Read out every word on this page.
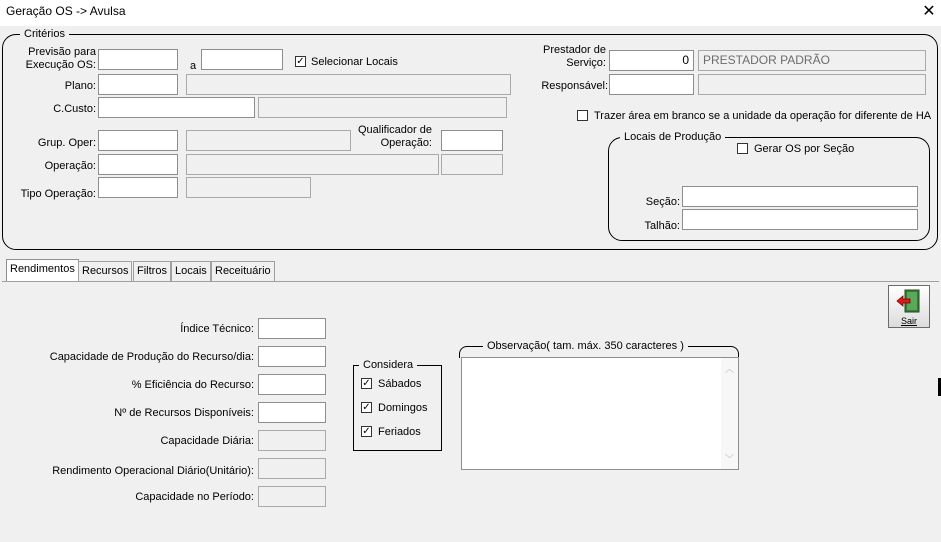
Geração OS -> Avulsa	✕
Critérios
Previsão para
Execução OS:	a	✓ Selecionar Locais
Plano:
C.Custo:
Grup. Oper:
Qualificador de
Operação:
Operação:
Tipo Operação:
Prestador de
Serviço:	0	PRESTADOR PADRÃO
Responsável:
Trazer área em branco se a unidade da operação for diferente de HA
Locais de Produção
Gerar OS por Seção
Seção:
Talhão:
Rendimentos Recursos Filtros Locais Receituário
Sair
Índice Técnico:
Capacidade de Produção do Recurso/dia:
% Eficiência do Recurso:
Nº de Recursos Disponíveis:
Capacidade Diária:
Rendimento Operacional Diário(Unitário):
Capacidade no Período:
Considera
✓ Sábados
✓ Domingos
✓ Feriados
Observação( tam. máx. 350 caracteres )
︿
﹀
